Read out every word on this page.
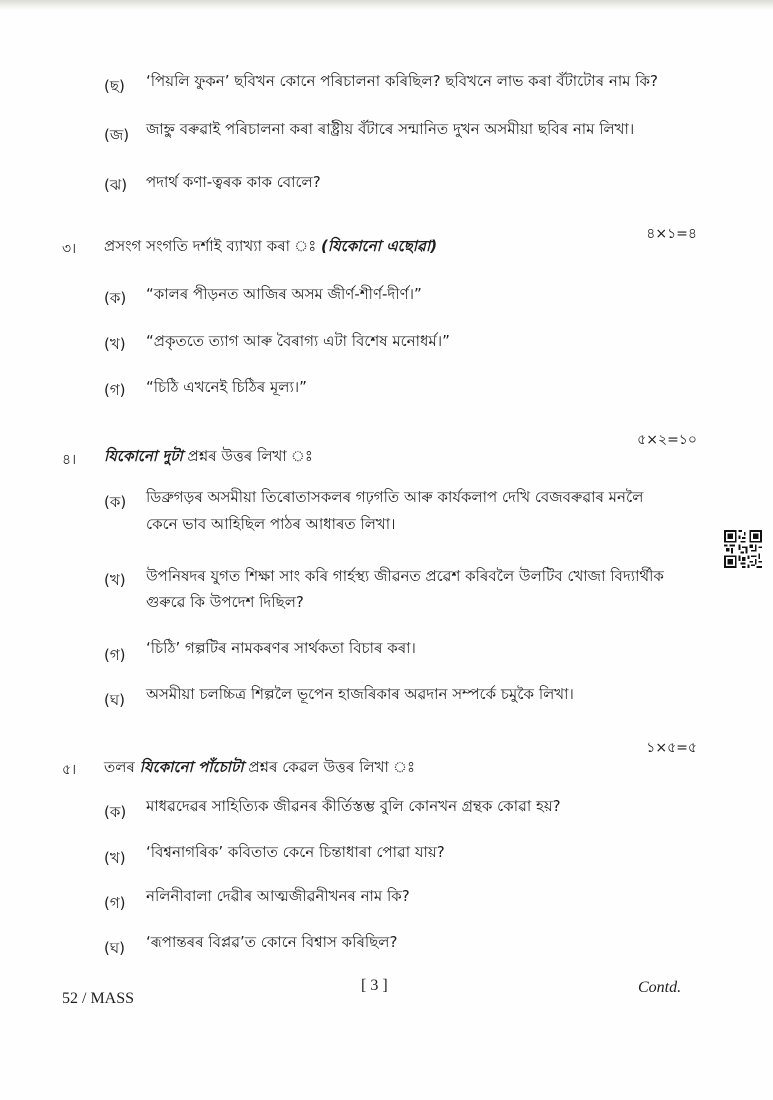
(ছ) ‘পিয়লি ফুকন’ ছবিখন কোনে পৰিচালনা কৰিছিল? ছবিখনে লাভ কৰা বঁটাটোৰ নাম কি?
(জ) জাহ্নু বৰুৱাই পৰিচালনা কৰা ৰাষ্ট্ৰীয় বঁটাৰে সন্মানিত দুখন অসমীয়া ছবিৰ নাম লিখা।
(ঝ) পদাৰ্থ কণা-ত্বৰক কাক বোলে?
৪×১=৪
৩। প্ৰসংগ সংগতি দৰ্শাই ব্যাখ্যা কৰা ঃ (যিকোনো এছোৱা)
(ক) “কালৰ পীড়নত আজিৰ অসম জীৰ্ণ-শীৰ্ণ-দীৰ্ণ।”
(খ) “প্ৰকৃততে ত্যাগ আৰু বৈৰাগ্য এটা বিশেষ মনোধৰ্ম।”
(গ) “চিঠি এখনেই চিঠিৰ মূল্য।”
৫×২=১০
৪। যিকোনো দুটা প্ৰশ্নৰ উত্তৰ লিখা ঃ
(ক) ডিব্ৰুগড়ৰ অসমীয়া তিৰোতাসকলৰ গঢ়গতি আৰু কাৰ্যকলাপ দেখি বেজবৰুৱাৰ মনলৈ
কেনে ভাব আহিছিল পাঠৰ আধাৰত লিখা।
(খ) উপনিষদৰ যুগত শিক্ষা সাং কৰি গাৰ্হস্থ্য জীৱনত প্ৰৱেশ কৰিবলৈ উলটিব খোজা বিদ্যাৰ্থীক
গুৰুৱে কি উপদেশ দিছিল?
(গ) ‘চিঠি’ গল্পটিৰ নামকৰণৰ সাৰ্থকতা বিচাৰ কৰা।
(ঘ) অসমীয়া চলচ্চিত্ৰ শিল্পলৈ ভূপেন হাজৰিকাৰ অৱদান সম্পৰ্কে চমুকৈ লিখা।
১×৫=৫
৫। তলৰ যিকোনো পাঁচোটা প্ৰশ্নৰ কেৱল উত্তৰ লিখা ঃ
(ক) মাধৱদেৱৰ সাহিত্যিক জীৱনৰ কীৰ্তিস্তম্ভ বুলি কোনখন গ্ৰন্থক কোৱা হয়?
(খ) ‘বিশ্বনাগৰিক’ কবিতাত কেনে চিন্তাধাৰা পোৱা যায়?
(গ) নলিনীবালা দেৱীৰ আত্মজীৱনীখনৰ নাম কি?
(ঘ) ‘ৰূপান্তৰৰ বিপ্লৱ’ত কোনে বিশ্বাস কৰিছিল?
52 / MASS
[ 3 ]	Contd.
